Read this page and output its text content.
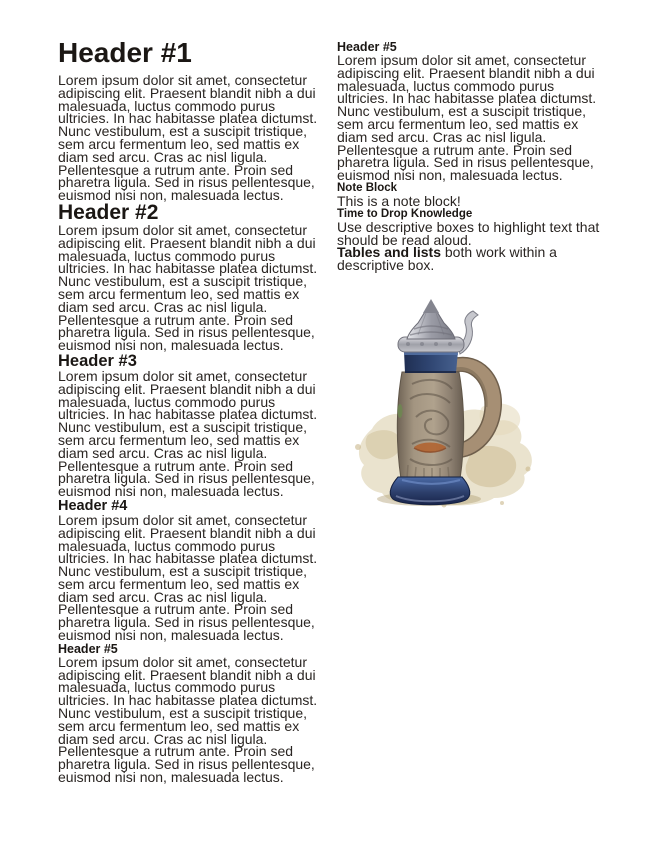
Header #1
Lorem ipsum dolor sit amet, consectetur
adipiscing elit. Praesent blandit nibh a dui
malesuada, luctus commodo purus
ultricies. In hac habitasse platea dictumst.
Nunc vestibulum, est a suscipit tristique,
sem arcu fermentum leo, sed mattis ex
diam sed arcu. Cras ac nisl ligula.
Pellentesque a rutrum ante. Proin sed
pharetra ligula. Sed in risus pellentesque,
euismod nisi non, malesuada lectus.
Header #2
Lorem ipsum dolor sit amet, consectetur
adipiscing elit. Praesent blandit nibh a dui
malesuada, luctus commodo purus
ultricies. In hac habitasse platea dictumst.
Nunc vestibulum, est a suscipit tristique,
sem arcu fermentum leo, sed mattis ex
diam sed arcu. Cras ac nisl ligula.
Pellentesque a rutrum ante. Proin sed
pharetra ligula. Sed in risus pellentesque,
euismod nisi non, malesuada lectus.
Header #3
Lorem ipsum dolor sit amet, consectetur
adipiscing elit. Praesent blandit nibh a dui
malesuada, luctus commodo purus
ultricies. In hac habitasse platea dictumst.
Nunc vestibulum, est a suscipit tristique,
sem arcu fermentum leo, sed mattis ex
diam sed arcu. Cras ac nisl ligula.
Pellentesque a rutrum ante. Proin sed
pharetra ligula. Sed in risus pellentesque,
euismod nisi non, malesuada lectus.
Header #4
Lorem ipsum dolor sit amet, consectetur
adipiscing elit. Praesent blandit nibh a dui
malesuada, luctus commodo purus
ultricies. In hac habitasse platea dictumst.
Nunc vestibulum, est a suscipit tristique,
sem arcu fermentum leo, sed mattis ex
diam sed arcu. Cras ac nisl ligula.
Pellentesque a rutrum ante. Proin sed
pharetra ligula. Sed in risus pellentesque,
euismod nisi non, malesuada lectus.
Header #5
Lorem ipsum dolor sit amet, consectetur
adipiscing elit. Praesent blandit nibh a dui
malesuada, luctus commodo purus
ultricies. In hac habitasse platea dictumst.
Nunc vestibulum, est a suscipit tristique,
sem arcu fermentum leo, sed mattis ex
diam sed arcu. Cras ac nisl ligula.
Pellentesque a rutrum ante. Proin sed
pharetra ligula. Sed in risus pellentesque,
euismod nisi non, malesuada lectus.
Header #5
Lorem ipsum dolor sit amet, consectetur
adipiscing elit. Praesent blandit nibh a dui
malesuada, luctus commodo purus
ultricies. In hac habitasse platea dictumst.
Nunc vestibulum, est a suscipit tristique,
sem arcu fermentum leo, sed mattis ex
diam sed arcu. Cras ac nisl ligula.
Pellentesque a rutrum ante. Proin sed
pharetra ligula. Sed in risus pellentesque,
euismod nisi non, malesuada lectus.
Note Block
This is a note block!
Time to Drop Knowledge
Use descriptive boxes to highlight text that
should be read aloud.
Tables and lists both work within a
descriptive box.
